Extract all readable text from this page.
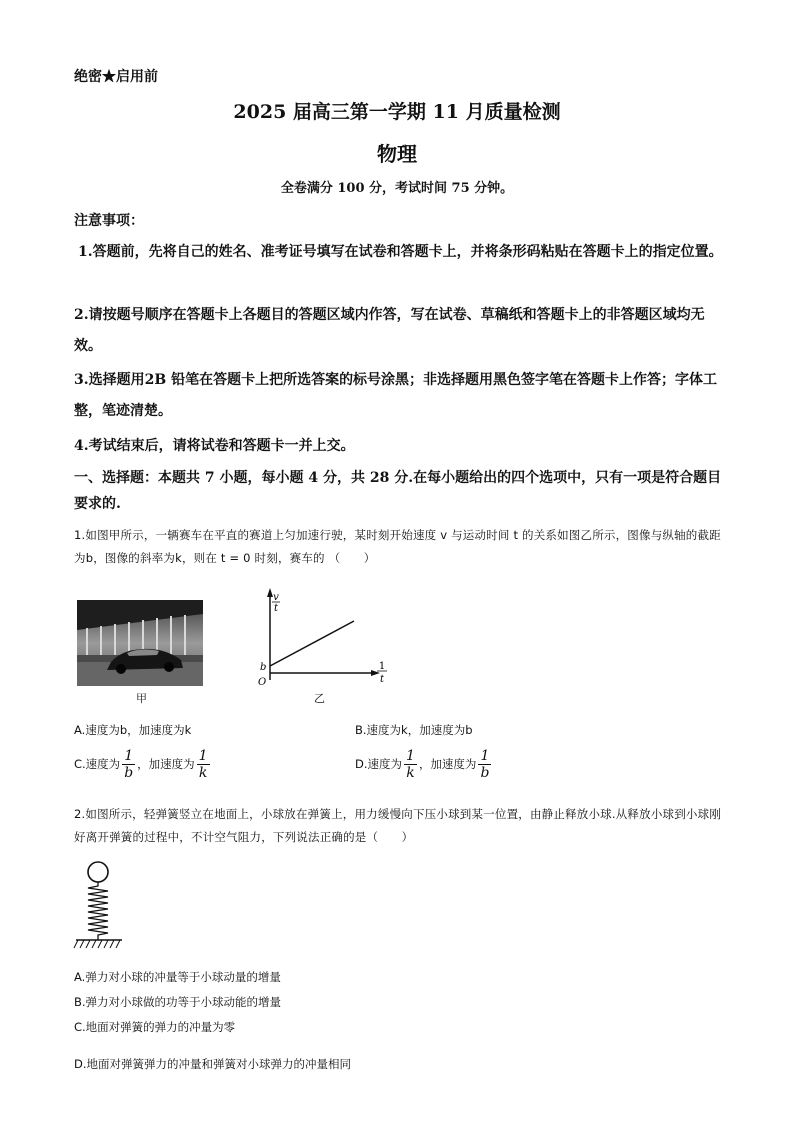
绝密★启用前
2025 届高三第一学期 11 月质量检测
物理
全卷满分 100 分，考试时间 75 分钟。
注意事项：
1.答题前，先将自己的姓名、准考证号填写在试卷和答题卡上，并将条形码粘贴在答题卡上的指定位置。
2.请按题号顺序在答题卡上各题目的答题区域内作答，写在试卷、草稿纸和答题卡上的非答题区域均无效。
3.选择题用2B 铅笔在答题卡上把所选答案的标号涂黑；非选择题用黑色签字笔在答题卡上作答；字体工整，笔迹清楚。
4.考试结束后，请将试卷和答题卡一并上交。
一、选择题：本题共 7 小题，每小题 4 分，共 28 分.在每小题给出的四个选项中，只有一项是符合题目要求的.
1.如图甲所示，一辆赛车在平直的赛道上匀加速行驶，某时刻开始速度 v 与运动时间 t 的关系如图乙所示，图像与纵轴的截距为b，图像的斜率为k，则在 t = 0 时刻，赛车的 （　　）
甲
v
t
1
t
b
O
乙
A.速度为b，加速度为k	B.速度为k，加速度为b
C.速度为 $\frac{1}{b}$ ，加速度为 $\frac{1}{k}$	D.速度为 $\frac{1}{k}$ ，加速度为 $\frac{1}{b}$
2.如图所示，轻弹簧竖立在地面上，小球放在弹簧上，用力缓慢向下压小球到某一位置，由静止释放小球.从释放小球到小球刚好离开弹簧的过程中，不计空气阻力，下列说法正确的是（　　）
A.弹力对小球的冲量等于小球动量的增量
B.弹力对小球做的功等于小球动能的增量
C.地面对弹簧的弹力的冲量为零
D.地面对弹簧弹力的冲量和弹簧对小球弹力的冲量相同
